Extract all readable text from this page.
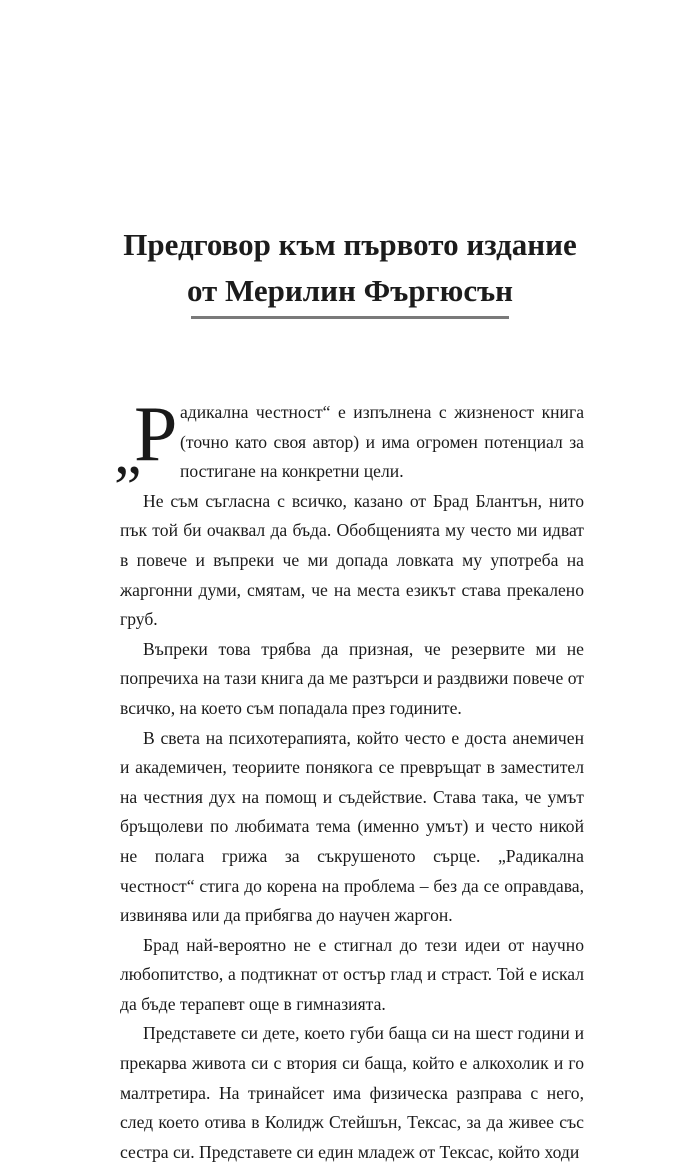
Предговор към първото издание
от Мерилин Фъргюсън

„
Р адикална честност“ е изпълнена с жизненост книга (точно като своя автор) и има огромен потенциал за постигане на конкретни цели.

Не съм съгласна с всичко, казано от Брад Блантън, нито пък той би очаквал да бъда. Обобщенията му често ми идват в повече и въпреки че ми допада ловката му употреба на жаргонни думи, смятам, че на места езикът става прекалено груб.

Въпреки това трябва да призная, че резервите ми не попречиха на тази книга да ме разтърси и раздвижи повече от всичко, на което съм попадала през годините.

В света на психотерапията, който често е доста анемичен и академичен, теориите понякога се превръщат в заместител на честния дух на помощ и съдействие. Става така, че умът бръщолеви по любимата тема (именно умът) и често никой не полага грижа за съкрушеното сърце. „Радикална честност“ стига до корена на проблема – без да се оправдава, извинява или да прибягва до научен жаргон.

Брад най-вероятно не е стигнал до тези идеи от научно любопитство, а подтикнат от остър глад и страст. Той е искал да бъде терапевт още в гимназията.

Представете си дете, което губи баща си на шест години и прекарва живота си с втория си баща, който е алкохолик и го малтретира. На тринайсет има физическа разправа с него, след което отива в Колидж Стейшън, Тексас, за да живее със сестра си. Представете си един младеж от Тексас, който ходи
